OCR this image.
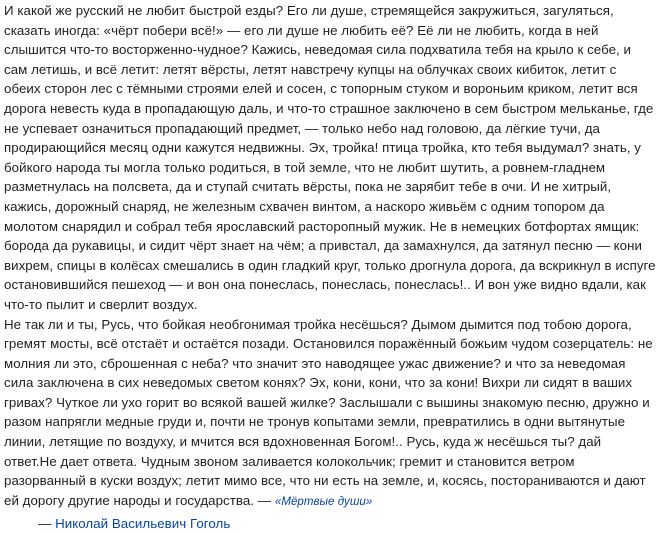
И какой же русский не любит быстрой езды? Его ли душе, стремящейся закружиться, загуляться, сказать иногда: «чёрт побери всё!» — его ли душе не любить её? Её ли не любить, когда в ней слышится что-то восторженно-чудное? Кажись, неведомая сила подхватила тебя на крыло к себе, и сам летишь, и всё летит: летят вёрсты, летят навстречу купцы на облучках своих кибиток, летит с обеих сторон лес с тёмными строями елей и сосен, с топорным стуком и вороньим криком, летит вся дорога невесть куда в пропадающую даль, и что-то страшное заключено в сем быстром мельканье, где не успевает означиться пропадающий предмет, — только небо над головою, да лёгкие тучи, да продирающийся месяц одни кажутся недвижны. Эх, тройка! птица тройка, кто тебя выдумал? знать, у бойкого народа ты могла только родиться, в той земле, что не любит шутить, а ровнем-гладнем разметнулась на полсвета, да и ступай считать вёрсты, пока не зарябит тебе в очи. И не хитрый, кажись, дорожный снаряд, не железным схвачен винтом, а наскоро живьём с одним топором да молотом снарядил и собрал тебя ярославский расторопный мужик. Не в немецких ботфортах ямщик: борода да рукавицы, и сидит чёрт знает на чём; а привстал, да замахнулся, да затянул песню — кони вихрем, спицы в колёсах смешались в один гладкий круг, только дрогнула дорога, да вскрикнул в испуге остановившийся пешеход — и вон она понеслась, понеслась, понеслась!.. И вон уже видно вдали, как что-то пылит и сверлит воздух.

Не так ли и ты, Русь, что бойкая необгонимая тройка несёшься? Дымом дымится под тобою дорога, гремят мосты, всё отстаёт и остаётся позади. Остановился поражённый божьим чудом созерцатель: не молния ли это, сброшенная с неба? что значит это наводящее ужас движение? и что за неведомая сила заключена в сих неведомых светом конях? Эх, кони, кони, что за кони! Вихри ли сидят в ваших гривах? Чуткое ли ухо горит во всякой вашей жилке? Заслышали с вышины знакомую песню, дружно и разом напрягли медные груди и, почти не тронув копытами земли, превратились в одни вытянутые линии, летящие по воздуху, и мчится вся вдохновенная Богом!.. Русь, куда ж несёшься ты? дай ответ.Не дает ответа. Чудным звоном заливается колокольчик; гремит и становится ветром разорванный в куски воздух; летит мимо все, что ни есть на земле, и, косясь, постораниваются и дают ей дорогу другие народы и государства. — «Мёртвые души»

— Николай Васильевич Гоголь
